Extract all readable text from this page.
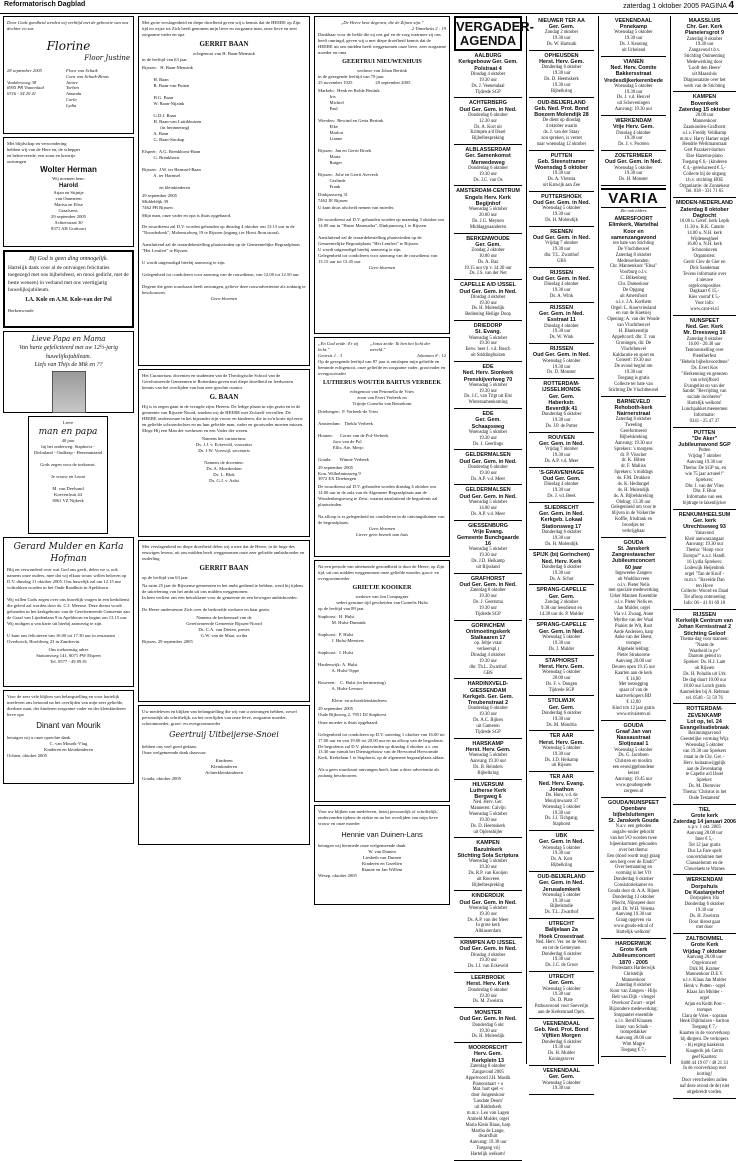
Reformatorisch Dagblad	zaterdag 1 oktober 2005 PAGINA 4
Door Gods goedheid werden wij verblijd met de geboorte van ons dochter en zus
Florine
Floor Justine
28 september 2005

Vaaldersweg 38
6905 PB Vianenlaal
0316 - 54 20 41
Floor van Schaik
Cora van Schaik-Brons
Janice
Torben
Amanda
Carla
Lydia
Met blijdschap en verwondering hebben wij van de Here en, de schepper en beboeveerde, een zoon en broertje ontvangen
Wolter Herman
Wij noemen hem:
Harold
Arjan en Stijntje
van Ommeren
Marisa en Elise
Graafsrest,
29 september 2005
Achterstraat 30
8371 AH Graftoort
Bij God is geen ding onmogelijk.
Hartelijk dank voor al de ontvangen felicitaties toegezegd met ons bijbelsfeest, en mooi gedicht, met de beste wensen) in verband met ons veertigjarig huwelijksjubileum.
I.A. Kole en A.M. Kole-van der Pol
Berkenwoude
Lieve Papa en Mama
Van harte gefeliciteerd met uw 12½-jarig huwelijksjubileum.
Liefs van Thijs de Mik en ??
Lieve
man en papa
40 jaar
hij het onderweg: Staphorst - Dirlinland - Oudkerp - Heerenmaand

Gods zegen voor de toekomst.

Je vrouw en Leoni

M. van Deelsand
Koevenfruit 44
3861 VZ Nijkerk
Gerard Mulder en Karla Hofman
Blij en verwonderd over wat God ons geeft, delen we u, ook namens onze ouders, mee dat wij elkaar trouw willen beloven op D.V. dinsdag 11 oktober 2005. Ons huwelijk zal om 12.15 uur voltrokken worden in het Oude Raadhuis in Apeldoorn.

Wij willen Gods zegen over ons huwelijk vragen in een kerkdienst die geleid zal worden door ds. C.J. Meeuse. Deze dienst wordt gehouden in het kerkgebouw van de Gereformeerde Gemeente aan de Graaf van Lijndenlaan 9 in Apeldoorn en begint om 13.15 uur. Wij nodigen u van harte uit hierbij aanwezig te zijn.

U kunt ons feliciteren van 16.00 tot 17.30 uur in restaurant Overbosch, Hoofdweg 23 in Zandervin.
Ons toekomstig adres
Stationsweg 141, 8071 PW Elspeet
Tel. 0577 - 49 09 81
Voor de zeer vele blijken van belangstelling en voor hartelijk meeleven ons betoond na het overlijden van mijn zeer geliefde, dierbare man, der kinderen zorgzame vader en der kleinkinderen lieve opa
Dinant van Mourik
betuigen wij u onze oprechte dank.
C. van Mourik-Vlug
Kinderen en kleinkinderen
Ochten, oktober 2005
Met grote verslagenheid en diepe droefheid geven wij u kennis dat de HEERE op Zijn tijd en wijze tot Zich heeft genomen mijn lieve en zorgzame man, onze lieve en zeer zorgzame vader en opa
GERRIT BAAN
echtgenoot van H. Baan-Mensink
in de leeftijd van 63 jaar.
Rijssen:   H. Baan-Mensink

H. Baan
B. Baan-van Putten

H.G. Baan
W. Baan-Nijzink

G.D.J. Baan
H. Baan-van Luttikhuizen
(in herinnering)
A. Baan
G. Baan-Strokap

Elspeet:  A.G. Brenkhorst-Baan
G. Brenkhorst

Rijssen:  J.W. ter Harmsel-Baan
A. ter Harmsel

en kleinkinderen
29 september 2005
Middeldijk 39
7462 PB Rijssen
Mijn man, onze vader en opa is thuis opgebaard.

De rouwdienst zal D.V. worden gehouden op dinsdag 4 oktober om 13.15 uur in de "Noorderkerk", Molenstalweg 19 te Rijssen (ingang t.er Horst Jhon.straat).

Aansluitend zal de teraardebestelling plaatsvinden op de Gemeentelijke Begraafplaats "Het Lentfert" te Rijssen.

U wordt uitgenodigd hierbij aanwezig te zijn.

Gelegenheid tot condoleren voor aanvang van de rouwdienst, van 12.00 tot 12.50 uur.

Degene die geen rouwkaart heeft ontvangen, gelieve deze rouwadvertentie als zodanig te beschouwen.
Geen bloemen
Het Curatorium, docenten en studenten van de Theologische School van de Gereformeerde Gemeenten te Rotterdam geven met diepe droefheid en leedwezen kennis van het overlijden van hun zeer geachte curator
G. BAAN
Hij is in zegen gaan in de vreugde zijns Heeren. De ledige plaats in zijn gezin en in de gemeente van Rijssen-Noord, smeken wij de HEERE met Zichzelf vervullen. De HEERE ondersteune in het bijzonder zijn vrouw en kinderen, die in zo'n korte tijd eerst en geliefde schoondochter en nu hun geliefde man, vader en grootvader moeten missen.
Moge Hij een Man der weduwen en een Vader der wezen.
Namens het curatorium:
Ds. J.J. v. Eckevold, voorzitter
Ds. J.W. Vorswijl, secretaris

Namens de docenten:
Ds. A. Moerkerken
Ds. L. Blok
Ds. G.J. v. Aalst
Met verslagenheid en diepe droefheid delen wij u mee dat de Heere, in de hoge des eeuwigen levens, uit ons midden heeft weggenomen onze zeer geliefde ambtsbroeder en ouderling
GERRIT BAAN
op de leeftijd van 63 jaar.
Na ruim 25 jaar de Rijssense gemeenten in het ambt gediend te hebben, werd hij tijdens de uitoefening van het ambt uit ons midden weggenomen.
In hem verliest ons een betrokkene voor de gemeente en een bewogen ambtsbroeder.

De Heere ondersteune Zich over de bedroefde weduwe en haar gezin.
Namens de kerkenraad van de
Gereformeerde Gemeente Rijssen-Noord
Ds. C.A. van Dieren, preses
G.W. van de Maat, scriba
Rijssen, 29 september 2005
Uw medeleven en blijken van belangstelling die wij van u ontvangen hebben, zowel persoonlijk als schriftelijk, na het overlijden van onze lieve, zorgzame moeder, schoonmoeder, groot- en overgrootmoeder
Geertruij Uitbeijerse-Snoei
hebben ons veel goed gedaan.
Onze welgemeende dank daarvoor.
Kinderen
Kleinkinderen
Achterkleinkinderen
Gouda, oktober 2005
„De Heere kent degenen, die de Zijnen zijn."
2 Timotheüs 2 : 19
Dankbaar voor de liefde die zij ons gaf en de zorg waarmee zij ons heeft omringd, geven wij u met diepe droefheid kennis dat de HEERE uit ons midden heeft weggenomen onze lieve, zeer zorgzame moeder en oma
GEERTRUI NIEUWENHUIS
weduwe van Johan Bertink
in de gezegende leeftijd van 79 jaar.
25 november 1925                    29 september 2005
Markelo:  Henk en Rolde Bertink
Iris
Michiel
Paul

Wierden:  Bewind en Geria Bertink
Elke
Marlon
Lianne

Rijssen:  Jan en Gerrit Broek
Maria
Rutger

Rijssen:  Jolie en Gerrit Avevesh
Gerlinde
Frank
Dinkjansweg 31
7462 JE Rijssen
U kunt thuis afscheid nemen van moeder.

De rouwdienst zal D.V. gehouden worden op maandag 3 oktober om 14.00 uur in "Huize Marenatha", Dinkjansweg 1 te Rijssen.

Aansluitend zal de teraardebestelling plaatsvinden op de Gemeentelijke Begraafplaats "Het Lentfert" te Rijssen.
U wordt uitgenodigd hierbij aanwezig te zijn.
Gelegenheid tot condoleren voor aanvang van de rouwdienst van 13.15 uur tot 13.45 uur.
Geen bloemen
„En God zeide: Er zij licht."
„Jezus zeide: Ik ben het licht der wereld."
Genesis 1 : 3	Johannes 8 : 12
Op de gezegende leeftijd van 87 jaar is ontslapen mijn geliefde en beminde echtgenoot, onze geliefde en zorgzame vader, grootvader en overgrootvader
LUTHERUS WOUTER BARTUS VERBEEK
echtgenoot van Petronella de Vries
zoon van Evert Verbeek en
Trijntje Cornelia van Beusekom
Driebergen:  P. Verbeek-de Vries

Amsterdam:   Thekla Verbeek

Houten:      Corrie van de Pol-Verbeek
Jaco van de Pol
Ellis, Ate, Merjo

Gouda:       Winnie Verbeek
29 september 2005
Kon. Wilhelminaweg 9
3972 EX Driebergen
De rouwdienst zal D.V. gehouden worden dinsdag 4 oktober om 14.00 uur in de zala van de Algemene Begraafplaats aan de Woudenbergseweg te Zeist, waarna aansluitend de begrafenis zal plaatsvinden.

Na afloop is er gelegenheid tot condoleren in de ontvangstkamer van de begraafplaats.
Geen bloemen
Liever geen bezoek aan huis
Na een periode van afnemende gezondheid is door de Heere, op Zijn tijd, uit ons midden weggenomen onze geliefde moeder, groot- en overgrootmoeder
GRIETJE KOOIKER
weduwe van Jan Compagner
sedert geruime tijd gescheiden van Cornelis Hulst
op de leeftijd van 89 jaar.
Staphorst:  H. Hulst
M. Hulst-Dunnink

Staphorst:  P. Hulst
J. Hulst-Meesters

Staphorst:  J. Hulst

Hardenwijk: A. Hulst
A. Hulst-Tippe

Rouveen:    C. Hulst (in herinnering)
A. Hulst-Leeuws

Klein- en achterkleinkinderen
29 september 2005
Oude Rijksweg 2, 7951 DJ Staphorst
Onze moeder is thuis opgebaard.

Gelegenheid tot condoleren op D.V. zaterdag 1 oktober van 16.00 tot 17.00 uur en van 19.00 tot 20.00 uur en na afloop van de begrafenis.
De begrafenis zal D.V. plaatsvinden op dinsdag 4 oktober a.s. om 13.30 uur vanuit het Dienstgebouw van de Hervormd Hervormde Kerk, Kerkelaan 1 te Staphorst, op de algemene begraafplaats aldaar.

Als u geen rouwkaart ontvangen heeft, kunt u deze advertentie als zodanig beschouwen.
Voor uw blijken van medeleven, hetzij persoonlijk of schriftelijk, ondervonden tijdens de ziekte en na het overlijden van mijn lieve vrouw en onze moeder
Hennie van Duinen-Lans
betuigen wij hiermede onze welgemeende dank.
W. van Duinen
Liesbeth van Duinen
Kinderen en Gezellen
Rianne en Jan Willem
Wesep, oktober 2005
VERGADER-AGENDA
AALBURG
Kerkgebouw Ger. Gem.
Polstraat 4

Dinsdag 4 oktober
19.30 uur
Ds. J. Veenendaal
Tijdrede SGP

ACHTERBERG
Oud Ger. Gem. in Ned.

Donderdag 6 oktober
12.30 uur
Ds. A. Kort uit
Krimpen a/d IJssel
Bijbelbespreking

ALBLASSERDAM
Ger. Samenkomst
Merwedeweg

Donderdag 6 oktober
19.30 uur
Ds. J.C. van Os

AMSTERDAM-CENTRUM
Engels Herv. Kerk
Begijnhof

Woensdag 5 oktober
20.00 uur
Ds. J.G. Meynen
Middaggoaanderen

BERKENWOUDE
Ger. Gem.

Zondag 2 oktober
10.00 uur
Ds. A. Baz
19.15 uur t/p v. 14.30 uur
Ds. J.S. van der Net

CAPELLE A/D IJSSEL
Oud Ger. Gem. in Ned.

Dinsdag 4 oktober
19.30 uur
Ds. H. Molendijk
Bediening Heilige Doop

DRIEDORP
St. Evang.

Woensdag 5 oktober
19.30 uur
Eerw. heer J. v.d. Bosch
uit Stiddinghuizen

EDE
Ned. Herv. Sionkerk
Prenskijverlweg 70

Woensdag 5 oktober
19.30 uur
Ds. J.C. van Trigt uit Elst
Wintersamenkoming

EDE
Ger. Gem.
Schaapsweg

Woensdag 5 oktober
19.30 uur
Ds. J. Geerlings

GELDERMALSEN
Oud Ger. Gem. in Ned.

Donderdag 6 oktober
19.30 uur
Ds. A.P. v.d. Meer

GELDERMALSEN
Oud Ger. Gem. in Ned.

Woensdag 5 oktober
14.00 uur
Ds. A.P. v.d. Meer

GIESSENBURG
Vrije Evang.
Gemeente Bunchgaarde 16

Woensdag 5 oktober
19.30 uur
Ds. J.D. Heikamp
uit Rijssland

GRAFHORST
Oud Ger. Gem. in Ned.

Zaterdag 8 oktober
19.30 uur
Ds. J. Geertsma
19.30 uur
Tijdrede SGP

GORINCHEM
Ontmoetingskerk
Stalkaaren 17

op. Jeltje vraat
verkeerspl.)
Dinsdag 4 oktober
19.30 uur
dhr. Th.L. Zwarthof
GBS

HARDINXVELD-GIESSENDAM
Kerkgeb. Ger. Gem.
Treubenstraat 2

Donderdag 6 oktober
19.30 uur
Ds. A.C. Rijken
uit Gameren
Tijdrede SGP

HARSKAMP
Herst. Herv. Gem.

Woensdag 5 oktober
Aanvang 19.30 uur
Ds. B. Reinders
Bijbelkring

HILVERSUM
Lutherse Kerk
Bergweg 6

Ned. Herv. Ger.
Manneren: Calvijn
Woensdag 5 oktober
19.30 uur
Ds. D. Heemskerk
uit Oplensbijler

KAMPEN
Bazuinkerk
Stichting Sola Scriptura

Woensdag 5 oktober
19.30 uur
Ds. R.P. van Kooijen
uit Rouveen
Bijbelbespreking

KINDERDIJK
Oud Ger. Gem. in Ned.

Woensdag 5 oktober
19.30 uur
Ds. A.P. van der Meer
In grote kerk
Alblasserdam

KRIMPEN A/D IJSSEL
Oud Ger. Gem. in Ned.

Dinsdag 4 oktober
19.30 uur
Ds. J.J. van Eckeveld

LEERBROEK
Herst. Herv. Kerk

Donderdag 6 oktober
19.30 uur
Ds. M. Zweistra

MONSTER
Oud Ger. Gem. in Ned.

Donderdag 6 okt
19.30 uur
Ds. H. Molendijk

MOORDRECHT
Herv. Gem.
Kerkplein 13

Zaterdag 8 oktober
Zangavond 2005
Appelvoord J.H. Mastik
Pianonstaart + o
Mat. hart spel -v
door Jongenskoor
'Laudate Deum'
uit Ridderkerk
m.m.v. Leo van Lagen
Anmeld Mulder, orgel
Maria Klein Blaas, harp
Martha de Lange,
dwarsfluit
Aanvang: 19.30 uur
Toegang vrij
Hartelijk welkom!

NIEUWER TER AA
Ger. Gem.

Zondag 2 oktober
19.30 uur
Ds. W. Hartsuik

OPHEUSDEN
Herst. Herv. Gem.

Donderdag 6 oktober
19.30 uur
Ds. D. Heemskerk
19.30 uur
Bijbelkring

OUD-BEIJERLAND
Geb. Ned. Prot. Bond
Boezem Molendijk 28

De dient op dinsdag
4 oktober waarin
ds. J. van der Staay
zou spreken, is verzet
naar woensdag 12 oktober

PUTTEN
Geb. Steenstramer
Woensdag 5 oktober

19.30 uur
Ds. A. Vletstra
uit Katwijk aan Zee

PUTTERSHOEK
Oud Ger. Gem. in Ned.

Woensdag 5 oktober
19.30 uur
Ds. H. Molendijk

REENEN
Oud Ger. Gem. in Ned.

Vrijdag 7 oktober
19.30 uur
dhr. T.L. Zwarthof
GBS

RIJSSEN
Oud Ger. Gem. in Ned.

Dinsdag 4 oktober
19.30 uur
Ds. A. Wink

RIJSSEN
Ger. Gem. in Ned.
Esstraat 11

Dinsdag 4 oktober
19.30 uur
Ds. W. Wink

RIJSSEN
Oud Ger. Gem. in Ned.

Woensdag 5 oktober
19.30 uur
Ds. D. Monster

ROTTERDAM-IJSSELMONDE
Ger. Gem.
Haberkstr.
Beverdijk 41

Donderdag 6 oktober
19.30 uur
Ds. J.P. de Putter

ROUVEEN
Ger. Gem. in Ned.

Vrijdag 7 oktober
19.30 uur
Ds. A.P. v.d. Meer

'S-GRAVENHAGE
Oud Ger. Gem.

Dinsdag 4 oktober
19.30 uur
Ds. J. vd. Beek

SLIEDRECHT
Ger. Gem. in Ned.
Kerkgeb. Lokaal
Stationsweg 17

Donderdag 6 oktober
19.30 uur
Ds. H. Molendijk

SPIJK (bij Gorinchem)
Ned. Herv. Kerk

Donderdag 6 oktober
19.30 uur
Ds. A. Schot

SPRANG-CAPELLE
Ger. Gem.

Zondag 2 oktober
9.30 uur leesdienst en
14.30 uur ds. P. Mulder

SPRANG-CAPELLE
Ger. Gem. in Ned.

Woensdag 5 oktober
19.30 uur
Ds. J. Mulder

STAPHORST
Herst. Herv. Gem.

Woensdag 5 oktober
20.00 uur
Ds. F. v. Dongen
Tijdrede SGP

STOLWIJK
Ger. Gem.

Donderdag 6 oktober
19.30 uur
Ds. M. Mondria

TER AAR
Herst. Herv. Gem.

Woensdag 5 oktober
19.30 uur
Ds. J.D. Heikamp
uit Rijssen

TER AAR
Ned. Herv. Evang.
Jonathon

Do. Hunt, v.d. de
Muurjinwaarst 37
Woensdag 5 oktober
19.30 uur
Ds. J.J. Tichgang,
Staphorst

UBK
Ger. Gem. in Ned.

Woensdag 5 oktober
19.30 uur
Ds. A. Kort
Bijbelkring

OUD-BEIJERLAND
Ger. Gem. in Ned.
Jerusalemkerk

Woensdag 5 oktober
19.30 uur
Bijbelstudie
Ds. T.L. Zwarthof

UTRECHT
Balijelaan 2a
Hoek Crosestraat

Ned. Herv. Ver. tot de Wert.
en tot de Gemeynen
Donderdag 6 oktober
19.30 uur
Ds. J.C. de Groot

UTRECHT
Ger. Gem.

Woensdag 5 oktober
19.30 uur
Ds. D. Plate
Pathoavoond voor Soeverijn
aan de Kerkenraad Oprn.

VEENENDAAL
Geb. Ned. Prot. Bond
Vijftien Morgen

Donderdag 6 oktober
19.30 uur
Ds. H. Mulder
Koningsrover

VEENENDAAL
Ger. Gem.

Woensdag 5 oktober
19.30 uur

VEENENDAAL
Pnnekamp

Woensdag 5 oktober
19.30 uur
Ds. J. Keuning
uit Urkeland

VIANEN
Ned. Herv. Comite
Bakkersstraat
Vredesdijkerkerenbede

Woensdag 5 oktober
19.30 uur
Ds. J. v.d. Heuvel
uit Scheveningen
Aanvang: 19.30 uur

WERKENDAM
Vrije Herv. Gem.

Dinsdag 4 oktober
19.30 uur
Ds. J. v. Poorten

ZOETERMEER
Oud Ger. Gem. in Ned.

Woensdag 5 oktober
19.30 uur
Ds. H. Monster

VARIA
Zie ook elders
AMERSFOORT
Elimkerk, Wartelhal
Koor en samenzangavond

ten bate van Stichting
De Vluchtheuvel
Zaterdag 8 oktober
Medewerkenden:
Chr. Mannenkoor "Ebsa"
Voorburg o.l.v.
C. Bilkenberg
Chr. Dameskoor
De Opgang
uit Amersfoort
o.l.v. J.A. Korthem
Orgel: L. Koorvriesland
en van de Koetsiej
Opening: A. van der Woude
van Vluchtheuvel
H. Blankenstijn
Appeltcord: dhr. T. van
Groningen, dir. De
Vluchtheuvel
Kaldacatie en sport en
Consert: 19.30 uur
De avond begint om
19.30 uur
Toegang is gratis
Collecte ter bate van
Stichting De Vluchtheuvel

BARNEVELD
Rehoboth-kerk
Nairnerstraat

Zaterdag 8 oktober
Tweeling
Gereformeerd
Bijbelskreking
Aanvang: 19.30 uur
Sprekers: 's morgens
dr. P. Visscher
dr. K. Hilten
dr. F. Maliisn
Sprekers: 's middags
ds. F.M. Drukken
ds. K. Hedinngel
ds. H. Molendijk
ds. A. Bijbelskreking
Ohdrag: 13.30 uur
Gelegenheid om voor te
blijven in de Voikerche
Koffie, frisdrank en
broodjes ter
verkrijgbaar

GOUDA
St. Janskerk
Zangrestavacher
Jubileumconcert
60 jaar

Ingeweeke Zangers
uit Waddinxveen
o.l.v. Pieter Nelis
met speciale medewerking
Urker Mannen Ensemble
o.l.v. Pieter Nelis en
Jan Mulder, orgel
Via v.l. Zwaag, Anne
Myrthe van der Waal
Pianist de Wit, Rust
Ande Andersen, harp
Anke van der Beest,
trompet
Algehele leiding:
Pieter Strakoorne
Aanvang 20.00 uur
Deuren open 19.15 uur
Kaarten aan de kerk
€ 14,00
Met toezegging
spaar of van de
kaartverkopers BD
€ 12,00
Kind t/m 12 jaar gratis
www.stivaleren.nl

GOUDA
Graaf Jan van
Nassaustraat
Slotjozaal 1

Woensdag 5 oktober
Ds. G. Jacobsen
Christen en moslim
een eeuwiggebondene
keizer
Aanvang: 19.45 uur
www.goudsegoede
zorgeen.nl

GOUDA/NUNSPEET
Openbare bijbelsluitengen
St. Janskerk Gouda

N.a.v. een geboden
nogalw-onder gekocht
van het VO worden twee
bijeenkomsten gehouden
over het thema:
Een (dood wordt nog) graag
een berg over de Eindt?"
Over bemanning en
vorming in het VO
Donderdag 6 oktober
Consistoriekamer en
Gouda door dr. A.A. Rijnes
Donderdag 13 oktober
Pliecht, Nijnspeet door
prof. Dr. W.H. Velema
Aanvang 19.30 uur
Graag opgeven via
www.gouds-edr.nl of
Hartelijk welkom!

HARDERWIJK
Grote Kerk
Jubileumconcert
1870 - 2005

Protestants Harderwijk
Christelijk
Mannenkoor
Zaterdag 8 oktober
Koor van Zangers - Hiljs
Belt van Dijk - vleugel
Overkoor Zwart - orgel
Bijzondere medewerking:
Stoppanter ensemble
o.l.v. Berdf Klaasen
Janny van Schaik -
trompetlakker
Aanvang 20.00 uur
Wim Magré
Toegang € 7,-

MAASSLUIS
Chr. Ger. Kerk
Planeiersgrot 9

Zaterdag 8 oktober
19.30 uur
Zangavond t.b.v.
Stichting Ouimenting
Medewerking door
'Looft den Heere'
uit Maassluis
Diagnosatatie over het
werk van de Stichting

KAMPEN
Bovenkerk
Zaterdag 15 oktober

20.00 uur
Mannenkoor
Zaaskonden-Grafhorst
o.l.v. Freddy Veldkamp
m.m.v. Harry Hamer orgel
Hendrie Werkmanstraat
Gert Pazakert-bariton
Else Hazema-piano
Toegang € 6,- (kinderen
€ 4,- gereduceerd € 5,-
Collecte bij de uitgang
t.b.v. stichting HOE
Organisatie: de Zonnekeur
Tel. 038 - 331 71 65

MIDDEN-NEDERLAND
Zaterdag 8 oktober
Dagtocht

10.00 u. Geref. kerk Lepik
11.30 u. R.K. Catarin
14.00 u. N.H. kerk
Wijdenesgheel
16.00 u. N.H. kerk
Schoonhoven
Organisten:
Gerrit Clev de Gier en
Dick Sandeman
Tevens informatie over
4 nieuwe
orgelcomposities
Dagkaart € 15,-
Kies vooraf € 5,-
Voor info:
www.cant-el.nl

NUNSPEET
Ned. Ger. Kerk
Mr. Dreesweg 16

Zaterdag 8 oktober
16.00 - 20.30 uur
Tentoonstelling over
Pietelherfest
"Hebeln bijbelsvoordtene"
Ds. Evert Kos
"Herkenning en genezen
van schrijfbord
Evangelist on van der
Sande: "Bevrijding van
sociale incoheren"
Hartelijk welkom!
Lunchpakket meenemen
Informatie:
0341 - 25 47 37

PUTTEN
"De Aker"
Jubileumavond SGP

Putten
Vrijdag 7 oktober
Aanvang 19.30 uur
Thema: De SGP nu, en
wie 75 jaar actueel!"
Sprekers:
Dhr. J. van der Vlies
Dhr. F. Bloe
Informatie van een
bijdrage te lakenlijcker

RENKUM/HEELSUM
Ger. kerk
Utrechtseweg 93

Vanavond
Kleir aanwaszangaar
Aanvang: 19.30 uur
Thema: "Hoop voor
Europa?" n.a.v. Handl.
16 Lydia Sprekers:
Lodewijk Heijenbrok
orgel "Tan de Kruif -
m.m.v. "Bavelde Dan
ten Hove
Collecte: Woord en Daad
Tot afloop ontmoeting
Info: 06 - 41 81 69 18

RIJSSEN
Kerkelijk Centrum van
Johan Kernisstraat 2
Stichting Geloof

Thema-dag voor mannen:
"Naam de
Waarheid in pv"
Daarom geleid in
Spreker: Ds. H.J. Lam
uit Rijssen
Ds. H. Poludin uit Urk
De dag duurt 10.00 uur
18.00 uur Lunch gratis
Aanmelden bij A. Rebman
tel. 0548 - 51 59 76

ROTTERDAM-ZEVENKAMP
Lot op, tel. 24
Evangelisatiebraak

Bezinningsavond
Geestelijke vorming Wijz
Woensdag 5 oktober
van 19.30 uur Sprekers
maat in de Chr. Ger. -
Herv. kuitaanwijgplijk
aan de Zevenkamp
te Capelle a/d IJssel
Spreker:
Ds. M. Diemvier
Thema: 'Christus in het
Oude Testament'

TIEL
Grote kerk
Zaterdag 14 januari 2006

u.p.v. 1 okt. 2005
Aanvang 20.00 uur
Inter € 5,-
Tot 12 jaar gratis
Dus La Fare spelt
concertduimen met
Classaelomm en de
Clowelaets te Warnes

WERKENDAM
Dorpshuis
De Kastanjehof

Dorpsplein 10a
Donderdag 6 oktober
19.30 uur
Ds. H. Zweistra
Door dienst gaat
met door

ZALTBOMMEL
Grote Kerk
Vrijdag 7 oktober

Aanvang 20.00 uur
Orgelconcert
Dirk M. Kramer
Mannenkoor D.E.V.
o.l.v. Klaas Jan Mulder
Henk v. Putten - orgel
Klaas Jan Mulder -
orgel
Arjan en Keith Post -
trompet
Clara de Vries - soprano
Henk Dijkhuizen - bariton
Toegang € 7,-
Kaarten in de voorverkoop
bij dhrgent. De verkopers
- bij erging kaakeran
Knagerik jek Gerrit
geef Kaarten:
0480 44 19 07 / 40 21 33
In de voorverkoop met
korting!
Door verscheiden zullen
naf deze avond de de) niet
uitgebreidt vorden.
